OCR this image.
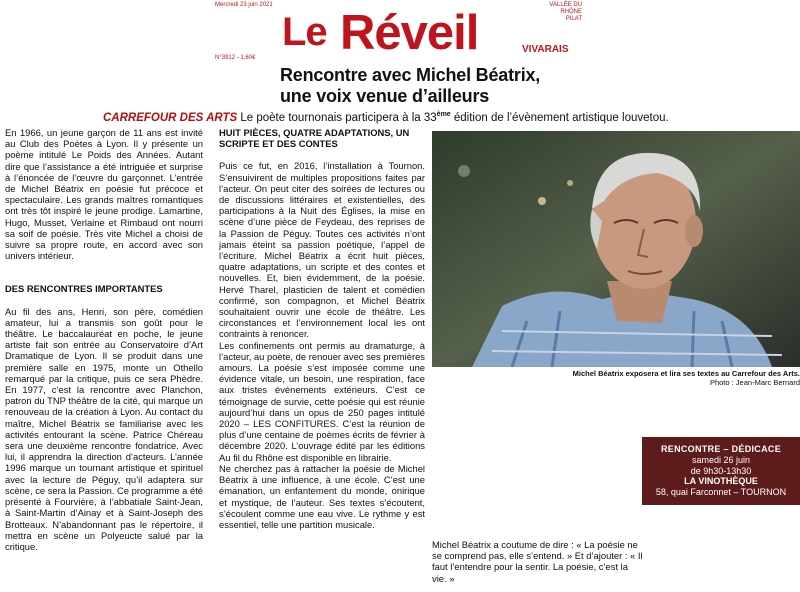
Mercredi 23 juin 2021	VALLÉE DU RHÔNE
PILAT
Le Réveil	VIVARAIS
N°3912 - 1,60€
Rencontre avec Michel Béatrix,
une voix venue d’ailleurs
CARREFOUR DES ARTS Le poète tournonais participera à la 33ème édition de l’évènement artistique louvetou.

En 1966, un jeune garçon de 11 ans est invité au Club des Poètes à Lyon. Il y présente un poème intitulé Le Poids des Années. Autant dire que l’assistance a été intriguée et surprise à l’énoncée de l’œuvre du garçonnet. L’entrée de Michel Béatrix en poésie fut précoce et spectaculaire. Les grands maîtres romantiques ont très tôt inspiré le jeune prodige. Lamartine, Hugo, Musset, Verlaine et Rimbaud ont nourri sa soif de poésie. Très vite Michel a choisi de suivre sa propre route, en accord avec son univers intérieur.

DES RENCONTRES IMPORTANTES

Au fil des ans, Henri, son père, comédien amateur, lui a transmis son goût pour le théâtre. Le baccalauréat en poche, le jeune artiste fait son entrée au Conservatoire d’Art Dramatique de Lyon. Il se produit dans une première salle en 1975, monte un Othello remarqué par la critique, puis ce sera Phèdre. En 1977, c’est la rencontre avec Planchon, patron du TNP théâtre de la cité, qui marque un renouveau de la création à Lyon. Au contact du maître, Michel Béatrix se familiarise avec les activités entourant la scène. Patrice Chéreau sera une deuxième rencontre fondatrice. Avec lui, il apprendra la direction d’acteurs. L’année 1996 marque un tournant artistique et spirituel avec la lecture de Péguy, qu’il adaptera sur scène, ce sera la Passion. Ce programme a été présenté à Fourvière, à l’abbatiale Saint-Jean, à Saint-Martin d’Ainay et à Saint-Joseph des Brotteaux. N’abandonnant pas le répertoire, il mettra en scène un Polyeucte salué par la critique.

HUIT PIÈCES, QUATRE ADAPTATIONS, UN SCRIPTE ET DES CONTES

Puis ce fut, en 2016, l’installation à Tournon. S’ensuivirent de multiples propositions faites par l’acteur. On peut citer des soirées de lectures ou de discussions littéraires et existentielles, des participations à la Nuit des Églises, la mise en scène d’une pièce de Feydeau, des reprises de la Passion de Péguy. Toutes ces activités n’ont jamais éteint sa passion poétique, l’appel de l’écriture. Michel Béatrix a écrit huit pièces, quatre adaptations, un scripte et des contes et nouvelles. Et, bien évidemment, de la poésie. Hervé Tharel, plasticien de talent et comédien confirmé, son compagnon, et Michel Béatrix souhaitaient ouvrir une école de théâtre. Les circonstances et l’environnement local les ont contraints à renoncer.

Les confinements ont permis au dramaturge, à l’acteur, au poète, de renouer avec ses premières amours. La poésie s’est imposée comme une évidence vitale, un besoin, une respiration, face aux tristes évènements extérieurs. C’est ce témoignage de survie, cette poésie qui est réunie aujourd’hui dans un opus de 250 pages intitulé 2020 – LES CONFITURES. C’est la réunion de plus d’une centaine de poèmes écrits de février à décembre 2020. L’ouvrage édité par les éditions Au fil du Rhône est disponible en librairie.

Ne cherchez pas à rattacher la poésie de Michel Béatrix à une influence, à une école. C’est une émanation, un enfantement du monde, onirique et mystique, de l’auteur. Ses textes s’écoutent, s’écoulent comme une eau vive. Le rythme y est essentiel, telle une partition musicale.

Michel Béatrix exposera et lira ses textes au Carrefour des Arts.
Photo : Jean-Marc Bernard
RENCONTRE – DÉDICACE
samedi 26 juin
de 9h30-13h30
LA VINOTHÈQUE
58, quai Farconnet – TOURNON

Michel Béatrix a coutume de dire : « La poésie ne se comprend pas, elle s’entend. » Et d’ajouter : « Il faut l’entendre pour la sentir. La poésie, c’est la vie. »
